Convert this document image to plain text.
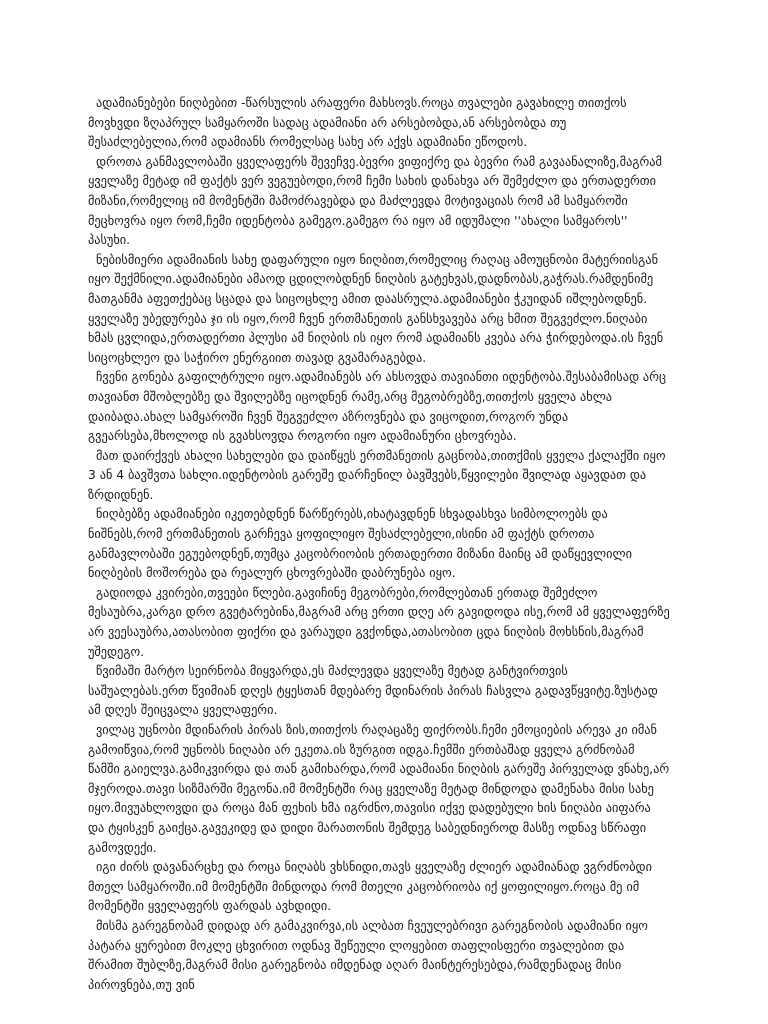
ადამიანებები ნიღბებით -წარსულის არაფერი მახსოვს.როცა თვალები გავახილე თითქოს მოვხვდი ზღაპრულ სამყაროში სადაც ადამიანი არ არსებობდა,ან არსებობდა თუ შესაძლებელია,რომ ადამიანს რომელსაც სახე არ აქვს ადამიანი ეწოდოს.

დროთა განმავლობაში ყველაფერს შევეჩვე.ბევრი ვიფიქრე და ბევრი რამ გავაანალიზე,მაგრამ ყველაზე მეტად იმ ფაქტს ვერ ვეგუებოდი,რომ ჩემი სახის დანახვა არ შემეძლო და ერთადერთი მიზანი,რომელიც იმ მომენტში მამოძრავებდა და მაძლევდა მოტივაციას რომ ამ სამყაროში მეცხოვრა იყო რომ,ჩემი იდენტობა გამეგო.გამეგო რა იყო ამ იდუმალი ''ახალი სამყაროს'' პასუხი.

ნებისმიერი ადამიანის სახე დაფარული იყო ნიღბით,რომელიც რაღაც ამოუცნობი მატერიისგან იყო შექმნილი.ადამიანები ამაოდ ცდილობდნენ ნიღბის გატეხვას,დადნობას,გაჭრას.რამდენიმე მათგანმა აფეთქებაც სცადა და სიცოცხლე ამით დაასრულა.ადამიანები ჭკუიდან იშლებოდნენ. ყველაზე უბედურება ჯი ის იყო,რომ ჩვენ ერთმანეთის განსხვავება არც ხმით შეგვეძლო.ნიღაბი ხმას ცვლიდა,ერთადერთი პლუსი ამ ნიღბის ის იყო რომ ადამიანს კვება არა ჭირდებოდა.ის ჩვენ სიცოცხლეო და საჭირო ენერგიით თავად გვამარაგებდა.

ჩვენი გონება გაფილტრული იყო.ადამიანებს არ ახსოვდა თავიანთი იდენტობა.შესაბამისად არც თავიანთ მშობლებზე და შვილებზე იცოდნენ რამე,არც მეგობრებზე,თითქოს ყველა ახლა დაიბადა.ახალ სამყაროში ჩვენ შეგვეძლო აზროვნება და ვიცოდით,როგორ უნდა გვეარსება,მხოლოდ ის გვახსოვდა როგორი იყო ადამიანური ცხოვრება.

მათ დაირქვეს ახალი სახელები და დაიწყეს ერთმანეთის გაცნობა,თითქმის ყველა ქალაქში იყო 3 ან 4 ბავშვთა სახლი.იდენტობის გარეშე დარჩენილ ბავშვებს,წყვილები შვილად აყავდათ და ზრდიდნენ.

ნიღბებზე ადამიანები იკეთებდნენ წარწერებს,იხატავდნენ სხვადასხვა სიმბოლოებს და ნიშნებს,რომ ერთმანეთის გარჩევა ყოფილიყო შესაძლებელი,ისინი ამ ფაქტს დროთა განმავლობაში ეგუებოდნენ,თუმცა კაცობრიობის ერთადერთი მიზანი მაინც ამ დაწყევლილი ნიღბების მოშორება და რეალურ ცხოვრებაში დაბრუნება იყო.

გადიოდა კვირები,თვეები წლები.გავიჩინე მეგობრები,რომლებთან ერთად შემეძლო მესაუბრა,კარგი დრო გვეტარებინა,მაგრამ არც ერთი დღე არ გავიდოდა ისე,რომ ამ ყველაფერზე არ ვეესაუბრა,ათასობით ფიქრი და ვარაუდი გვქონდა,ათასობით ცდა ნიღბის მოხსნის,მაგრამ უშედეგო.

წვიმაში მარტო სეირნობა მიყვარდა,ეს მაძლევდა ყველაზე მეტად განტვირთვის საშუალებას.ერთ წვიმიან დღეს ტყესთან მდებარე მდინარის პირას ჩასვლა გადავწყვიტე.ზუსტად ამ დღეს შეიცვალა ყველაფერი.

ვილაც უცნობი მდინარის პირას ზის,თითქოს რაღაცაზე ფიქრობს.ჩემი ემოციების არევა კი იმან გამოიწვია,რომ უცნობს ნიღაბი არ ეკეთა.ის ზურგით იდგა.ჩემში ერთბაშად ყველა გრძნობამ წამში გაიელვა.გამიკვირდა და თან გამიხარდა,რომ ადამიანი ნიღბის გარეშე პირველად ვნახე,არ მჯეროდა.თავი სიზმარში მეგონა.იმ მომენტში რაც ყველაზე მეტად მინდოდა დამენახა მისი სახე იყო.მივუახლოვდი და როცა მან ფეხის ხმა იგრძნო,თავისი იქვე დადებული ხის ნიღაბი აიფარა და ტყისკენ გაიქცა.გავეკიდე და დიდი მარათონის შემდეგ საბედნიეროდ მასზე ოდნავ სწრაფი გამოვდექი.

იგი ძირს დავანარცხე და როცა ნიღაბს ვხსნიდი,თავს ყველაზე ძლიერ ადამიანად ვგრძნობდი მთელ სამყაროში.იმ მომენტში მინდოდა რომ მთელი კაცობრიობა იქ ყოფილიყო.როცა მე იმ მომენტში ყველაფერს ფარდას ავხდიდი.

მისმა გარეგნობამ დიდად არ გამაკვირვა,ის ალბათ ჩვეულებრივი გარეგნობის ადამიანი იყო პატარა ყურებით მოკლე ცხვირით ოდნავ შეწეული ლოყებით თაფლისფერი თვალებით და შრამით შუბლზე,მაგრამ მისი გარეგნობა იმდენად აღარ მაინტერესებდა,რამდენადაც მისი პიროვნება,თუ ვინ
